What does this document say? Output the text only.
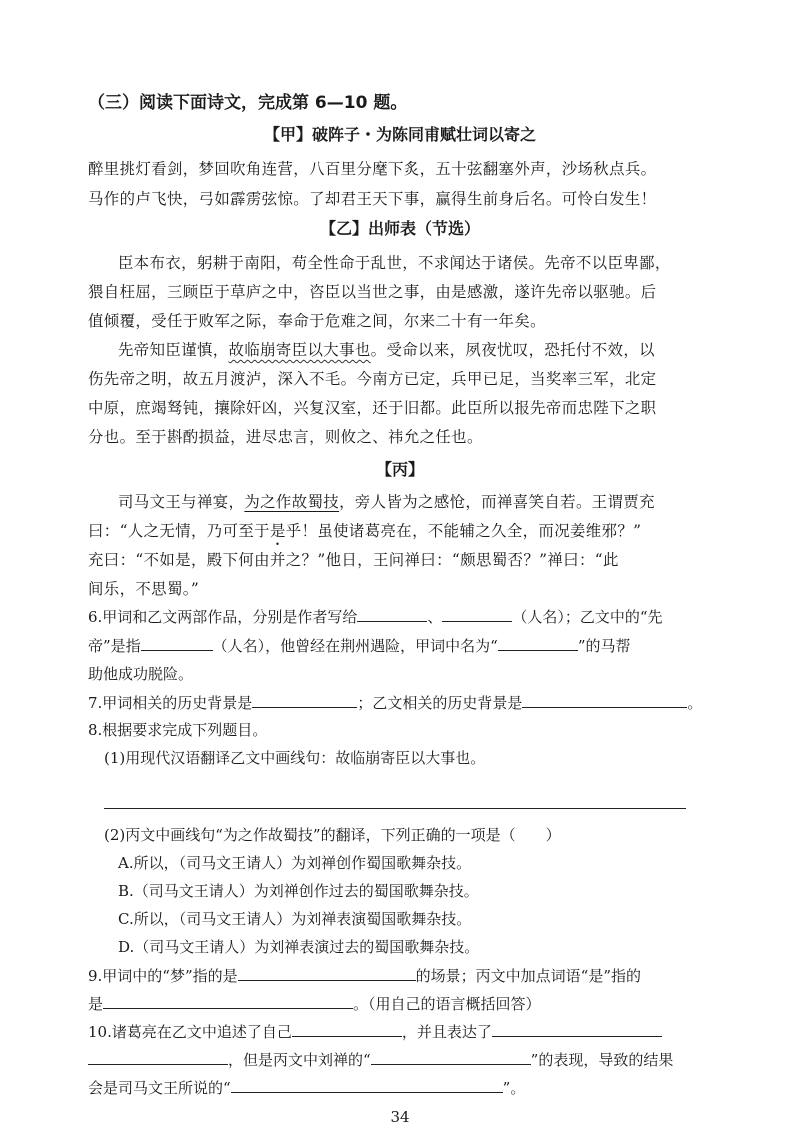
（三）阅读下面诗文，完成第 6—10 题。
【甲】破阵子・为陈同甫赋壮词以寄之
醉里挑灯看剑，梦回吹角连营，八百里分麾下炙，五十弦翻塞外声，沙场秋点兵。
马作的卢飞快，弓如霹雳弦惊。了却君王天下事，赢得生前身后名。可怜白发生！
【乙】出师表（节选）
臣本布衣，躬耕于南阳，苟全性命于乱世，不求闻达于诸侯。先帝不以臣卑鄙，
猥自枉屈，三顾臣于草庐之中，咨臣以当世之事，由是感激，遂许先帝以驱驰。后
值倾覆，受任于败军之际，奉命于危难之间，尔来二十有一年矣。
先帝知臣谨慎，故临崩寄臣以大事也。受命以来，夙夜忧叹，恐托付不效，以
伤先帝之明，故五月渡泸，深入不毛。今南方已定，兵甲已足，当奖率三军，北定
中原，庶竭驽钝，攘除奸凶，兴复汉室，还于旧都。此臣所以报先帝而忠陛下之职
分也。至于斟酌损益，进尽忠言，则攸之、祎允之任也。
【丙】
司马文王与禅宴，为之作故蜀技，旁人皆为之感怆，而禅喜笑自若。王谓贾充
曰：“人之无情，乃可至于是乎！虽使诸葛亮在，不能辅之久全，而况姜维邪？”
充曰：“不如是，殿下何由并之？”他日，王问禅曰：“颇思蜀否？”禅曰：“此
间乐，不思蜀。”
6.甲词和乙文两部作品，分别是作者写给	、	（人名）；乙文中的“先
帝”是指	（人名），他曾经在荆州遇险，甲词中名为“	”的马帮
助他成功脱险。
7.甲词相关的历史背景是	；乙文相关的历史背景是	。
8.根据要求完成下列题目。
(1)用现代汉语翻译乙文中画线句：故临崩寄臣以大事也。
(2)丙文中画线句“为之作故蜀技”的翻译，下列正确的一项是（　　）
A.所以，（司马文王请人）为刘禅创作蜀国歌舞杂技。
B.（司马文王请人）为刘禅创作过去的蜀国歌舞杂技。
C.所以，（司马文王请人）为刘禅表演蜀国歌舞杂技。
D.（司马文王请人）为刘禅表演过去的蜀国歌舞杂技。
9.甲词中的“梦”指的是	的场景；丙文中加点词语“是”指的
是	。（用自己的语言概括回答）
10.诸葛亮在乙文中追述了自己	，并且表达了
，但是丙文中刘禅的“	”的表现，导致的结果
会是司马文王所说的“	”。
34
